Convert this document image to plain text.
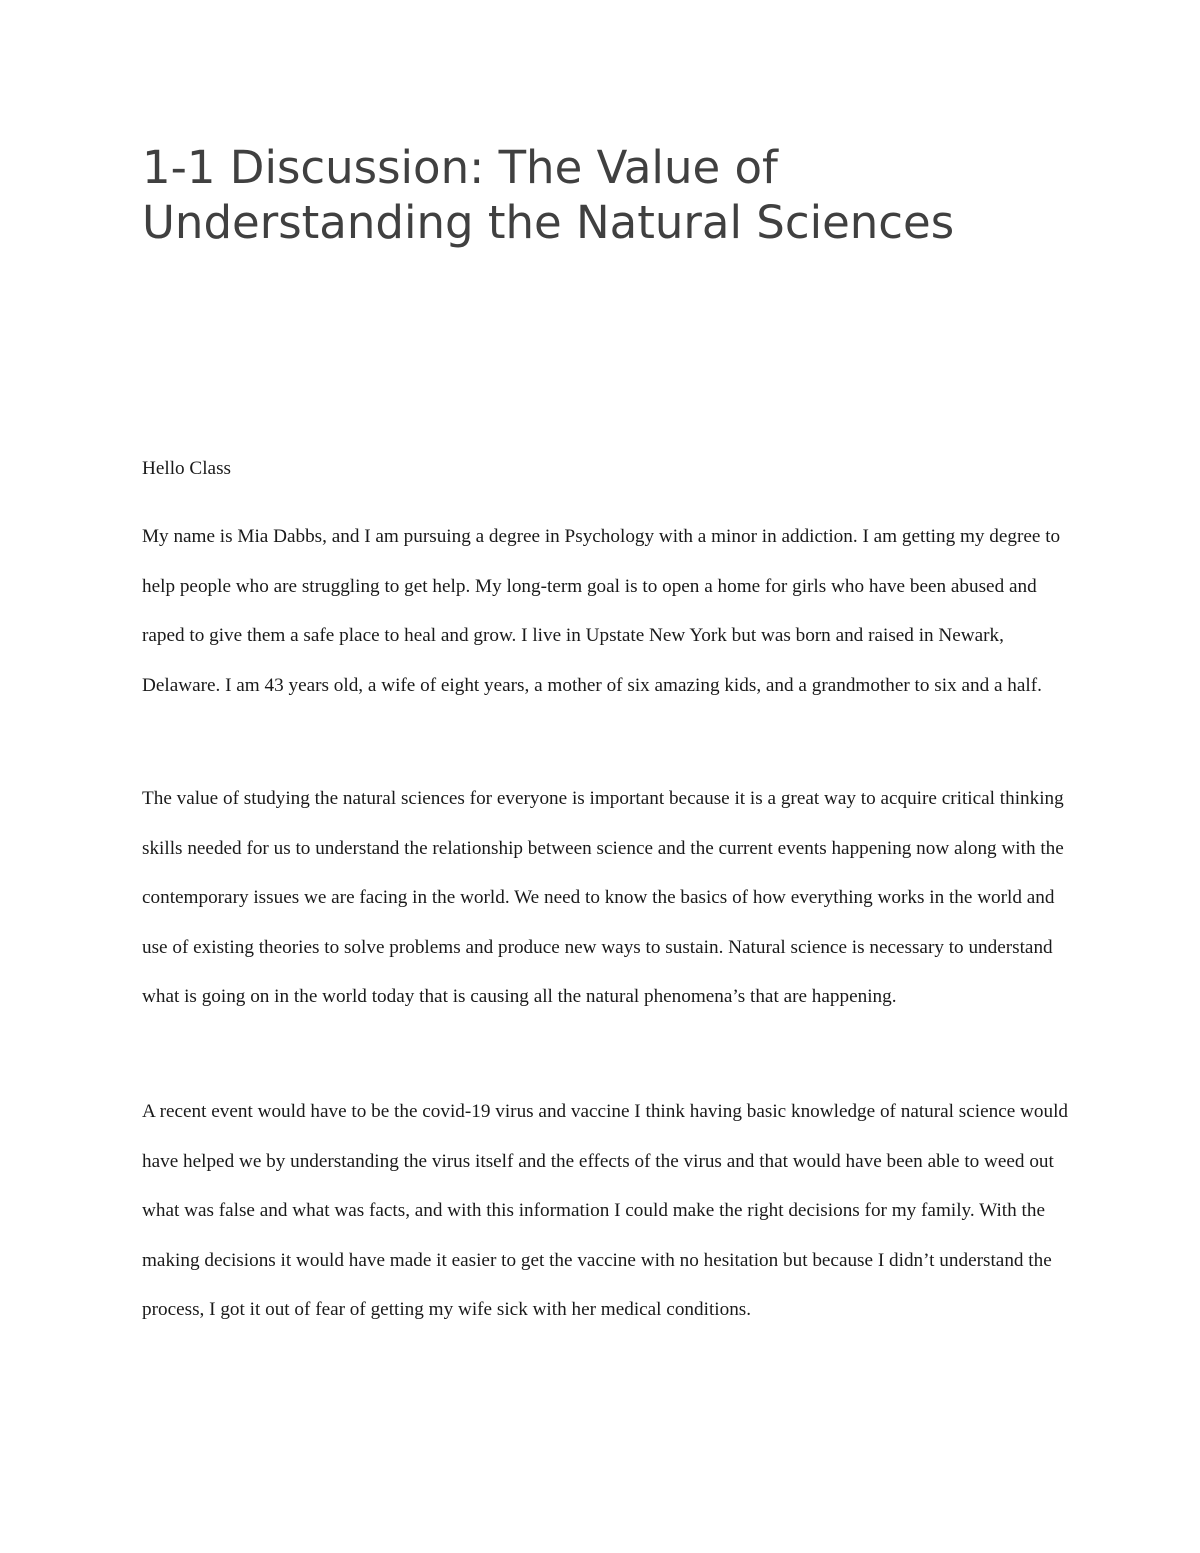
1-1 Discussion: The Value of Understanding the Natural Sciences

Hello Class

My name is Mia Dabbs, and I am pursuing a degree in Psychology with a minor in addiction. I am getting my degree to help people who are struggling to get help. My long-term goal is to open a home for girls who have been abused and raped to give them a safe place to heal and grow. I live in Upstate New York but was born and raised in Newark, Delaware. I am 43 years old, a wife of eight years, a mother of six amazing kids, and a grandmother to six and a half.

The value of studying the natural sciences for everyone is important because it is a great way to acquire critical thinking skills needed for us to understand the relationship between science and the current events happening now along with the contemporary issues we are facing in the world. We need to know the basics of how everything works in the world and use of existing theories to solve problems and produce new ways to sustain. Natural science is necessary to understand what is going on in the world today that is causing all the natural phenomena’s that are happening.

A recent event would have to be the covid-19 virus and vaccine I think having basic knowledge of natural science would have helped we by understanding the virus itself and the effects of the virus and that would have been able to weed out what was false and what was facts, and with this information I could make the right decisions for my family. With the making decisions it would have made it easier to get the vaccine with no hesitation but because I didn’t understand the process, I got it out of fear of getting my wife sick with her medical conditions.
